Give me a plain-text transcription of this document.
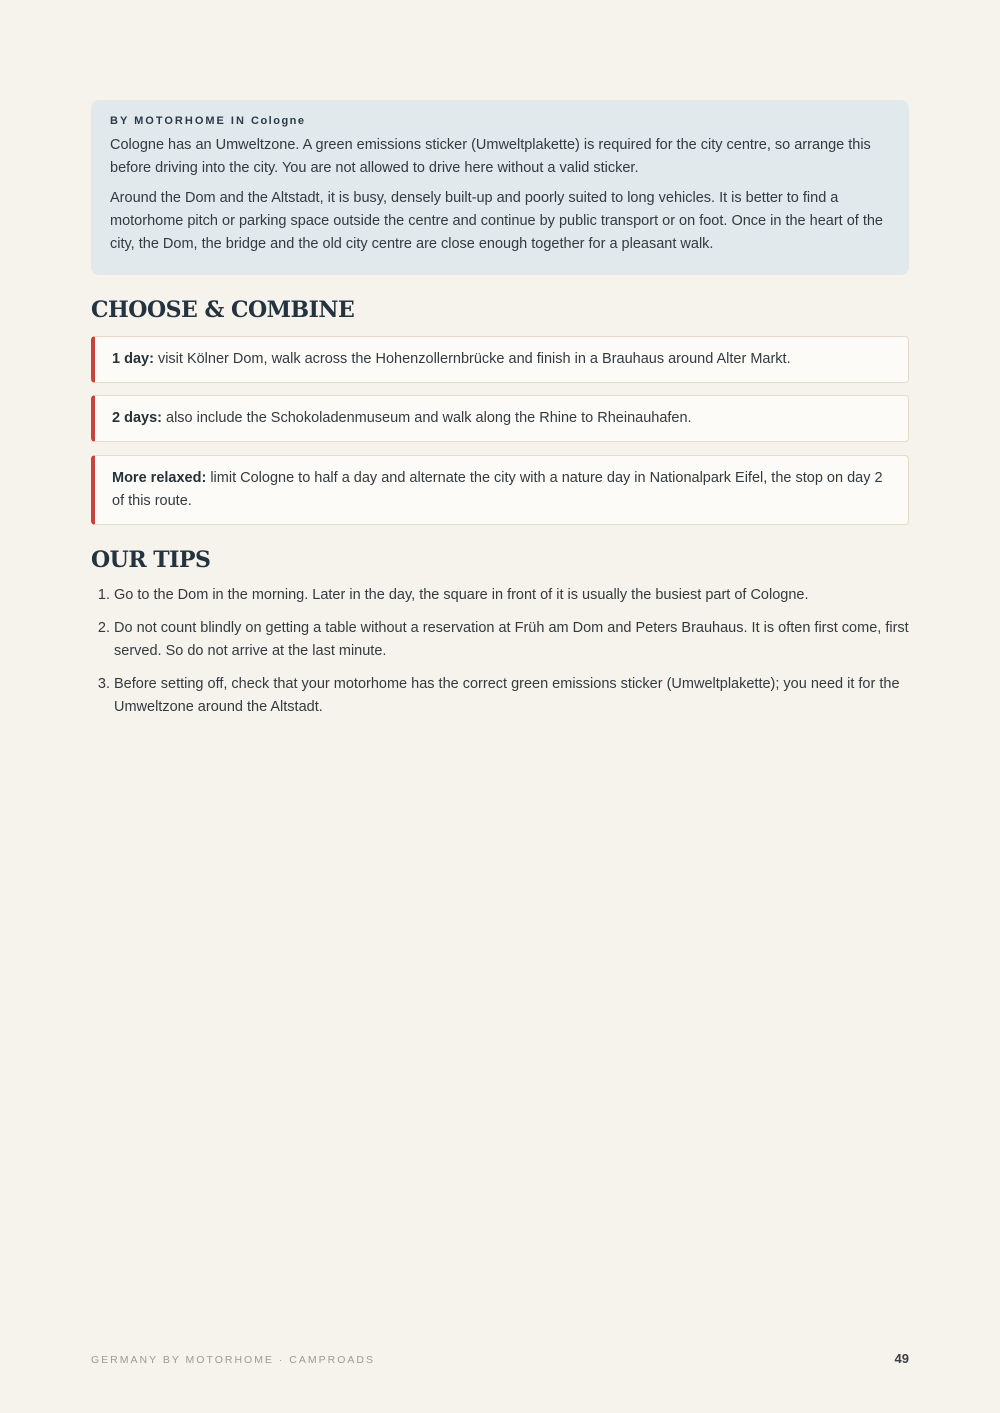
BY MOTORHOME IN Cologne

Cologne has an Umweltzone. A green emissions sticker (Umweltplakette) is required for the city centre, so arrange this before driving into the city. You are not allowed to drive here without a valid sticker.

Around the Dom and the Altstadt, it is busy, densely built-up and poorly suited to long vehicles. It is better to find a motorhome pitch or parking space outside the centre and continue by public transport or on foot. Once in the heart of the city, the Dom, the bridge and the old city centre are close enough together for a pleasant walk.

CHOOSE & COMBINE
1 day: visit Kölner Dom, walk across the Hohenzollernbrücke and finish in a Brauhaus around Alter Markt.
2 days: also include the Schokoladenmuseum and walk along the Rhine to Rheinauhafen.
More relaxed: limit Cologne to half a day and alternate the city with a nature day in Nationalpark Eifel, the stop on day 2 of this route.
OUR TIPS
1. Go to the Dom in the morning. Later in the day, the square in front of it is usually the busiest part of Cologne.
2. Do not count blindly on getting a table without a reservation at Früh am Dom and Peters Brauhaus. It is often first come, first served. So do not arrive at the last minute.
3. Before setting off, check that your motorhome has the correct green emissions sticker (Umweltplakette); you need it for the Umweltzone around the Altstadt.
GERMANY BY MOTORHOME · CAMPROADS	49
